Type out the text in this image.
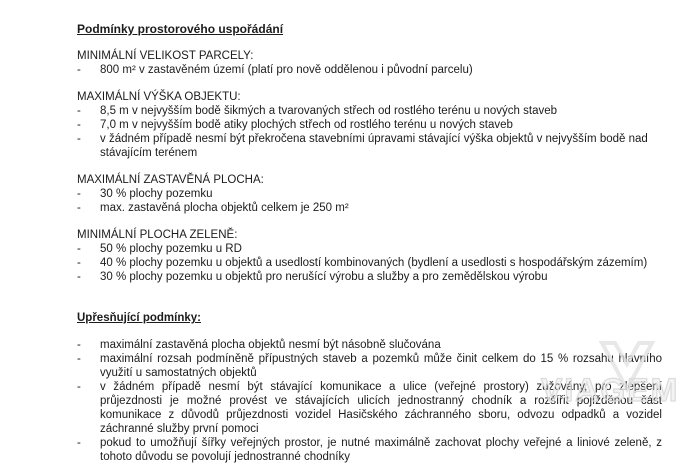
Podmínky prostorového uspořádání
MINIMÁLNÍ VELIKOST PARCELY:
- 800 m² v zastavěném území (platí pro nově oddělenou i původní parcelu)
MAXIMÁLNÍ VÝŠKA OBJEKTU:
- 8,5 m v nejvyšším bodě šikmých a tvarovaných střech od rostlého terénu u nových staveb
- 7,0 m v nejvyšším bodě atiky plochých střech od rostlého terénu u nových staveb
- v žádném případě nesmí být překročena stavebními úpravami stávající výška objektů v nejvyšším bodě nad stávajícím terénem
MAXIMÁLNÍ ZASTAVĚNÁ PLOCHA:
- 30 % plochy pozemku
- max. zastavěná plocha objektů celkem je 250 m²
MINIMÁLNÍ PLOCHA ZELENĚ:
- 50 % plochy pozemku u RD
- 40 % plochy pozemku u objektů a usedlostí kombinovaných (bydlení a usedlosti s hospodářským zázemím)
- 30 % plochy pozemku u objektů pro nerušící výrobu a služby a pro zemědělskou výrobu
Upřesňující podmínky:
- maximální zastavěná plocha objektů nesmí být násobně slučována
- maximální rozsah podmíněně přípustných staveb a pozemků může činit celkem do 15 % rozsahu hlavního využití u samostatných objektů
- v žádném případě nesmí být stávající komunikace a ulice (veřejné prostory) zužovány, pro zlepšení průjezdnosti je možné provést ve stávajících ulicích jednostranný chodník a rozšířit pojížděnou část komunikace z důvodů průjezdnosti vozidel Hasičského záchranného sboru, odvozu odpadků a vozidel záchranné služby první pomoci
- pokud to umožňují šířky veřejných prostor, je nutné maximálně zachovat plochy veřejné a liniové zeleně, z tohoto důvodu se povolují jednostranné chodníky
VIAGEM
